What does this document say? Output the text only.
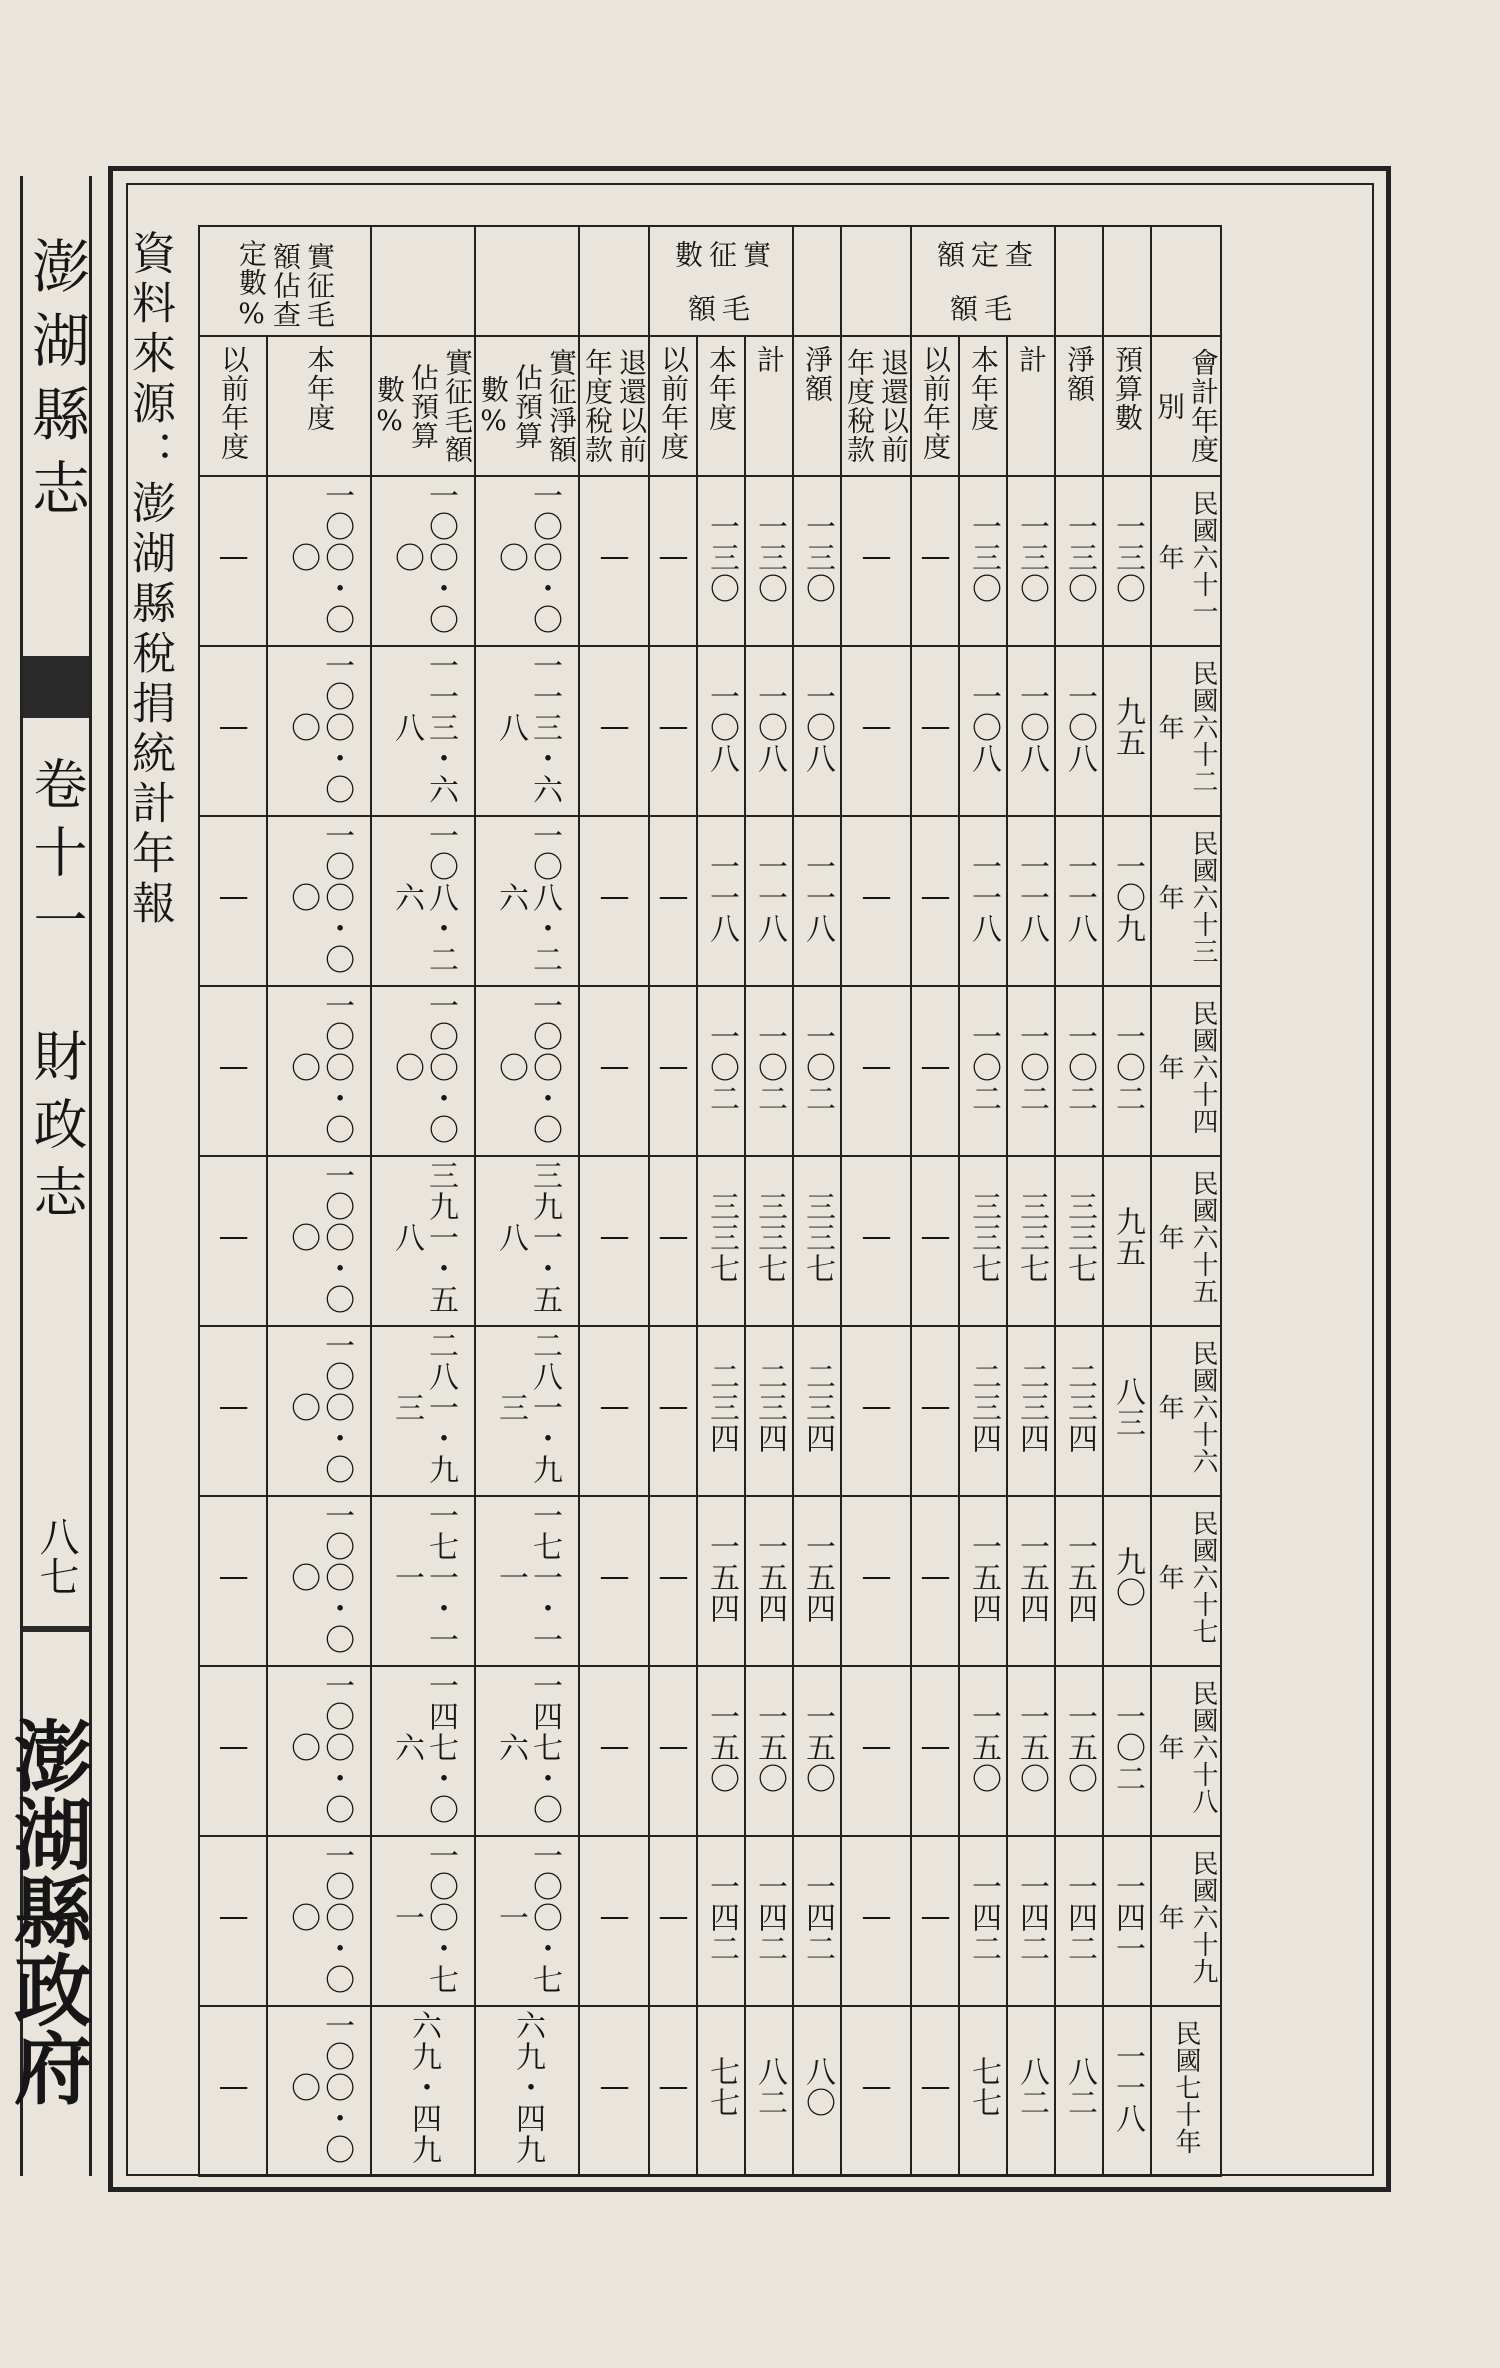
澎湖縣志
卷十一　財政志
八七
澎湖縣政府
資料來源：澎湖縣稅捐統計年報	實征毛額佔查定數%					實征數毛額					查定額毛額					
以前年度	本年度	實征毛額佔預算數%	實征淨額佔預算數%	退還以前年度稅款	以前年度	本年度	計	淨額	退還以前年度稅款	以前年度	本年度	計	淨額	預算數	會計年度別
—	一〇〇・〇〇	一〇〇・〇〇	一〇〇・〇〇	—	—	一三〇	一三〇	一三〇	—	—	一三〇	一三〇	一三〇	一三〇	民國六十一年
—	一〇〇・〇〇	一一三・六八	一一三・六八	—	—	一〇八	一〇八	一〇八	—	—	一〇八	一〇八	一〇八	九五	民國六十二年
—	一〇〇・〇〇	一〇八・二六	一〇八・二六	—	—	一一八	一一八	一一八	—	—	一一八	一一八	一一八	一〇九	民國六十三年
—	一〇〇・〇〇	一〇〇・〇〇	一〇〇・〇〇	—	—	一〇二	一〇二	一〇二	—	—	一〇二	一〇二	一〇二	一〇二	民國六十四年
—	一〇〇・〇〇	三九一・五八	三九一・五八	—	—	三三七	三三七	三三七	—	—	三三七	三三七	三三七	九五	民國六十五年
—	一〇〇・〇〇	二八一・九三	二八一・九三	—	—	二三四	二三四	二三四	—	—	二三四	二三四	二三四	八三	民國六十六年
—	一〇〇・〇〇	一七一・一一	一七一・一一	—	—	一五四	一五四	一五四	—	—	一五四	一五四	一五四	九〇	民國六十七年
—	一〇〇・〇〇	一四七・〇六	一四七・〇六	—	—	一五〇	一五〇	一五〇	—	—	一五〇	一五〇	一五〇	一〇二	民國六十八年
—	一〇〇・〇〇	一〇〇・七一	一〇〇・七一	—	—	一四二	一四二	一四二	—	—	一四二	一四二	一四二	一四一	民國六十九年
—	一〇〇・〇〇	六九・四九	六九・四九	—	—	七七	八二	八〇	—	—	七七	八二	八二	一一八	民國七十年
